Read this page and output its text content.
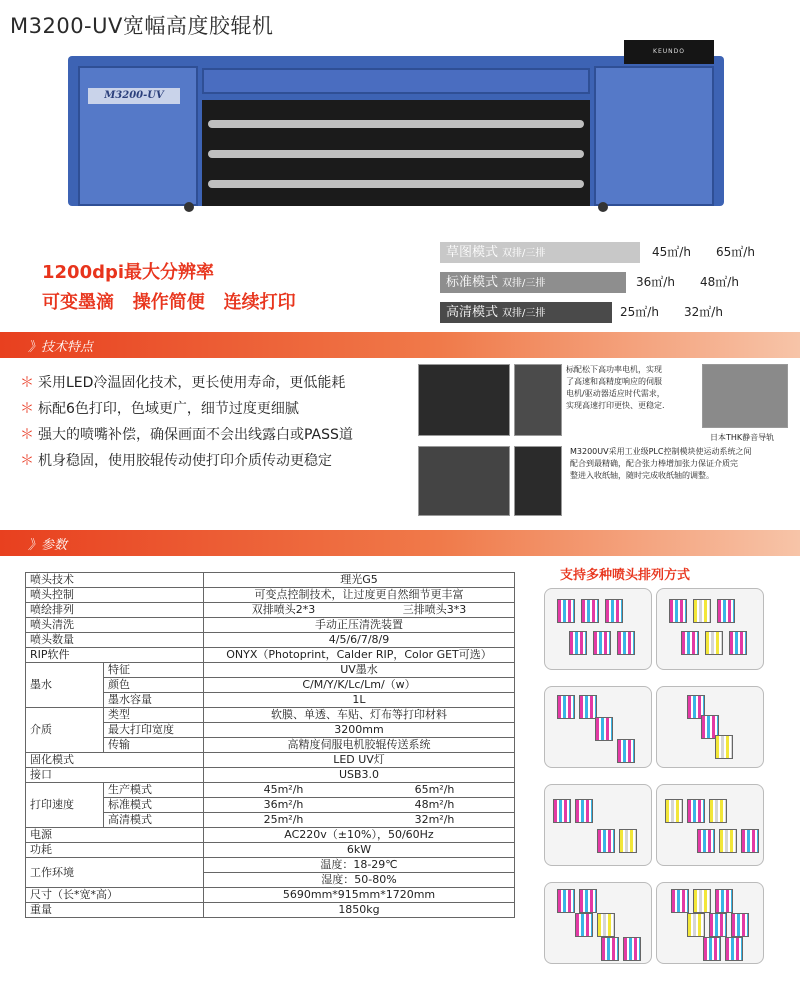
M3200-UV宽幅高度胶辊机
KEUNDO
M3200-UV
草图模式 双排/三排	45㎡/h 65㎡/h
标准模式 双排/三排	36㎡/h 48㎡/h
高清模式 双排/三排	25㎡/h 32㎡/h
1200dpi最大分辨率
可变墨滴   操作简便   连续打印
》技术特点
＊ 采用LED冷温固化技术，更长使用寿命，更低能耗
＊ 标配6色打印，色域更广，细节过度更细腻
＊ 强大的喷嘴补偿，确保画面不会出线露白或PASS道
＊ 机身稳固，使用胶辊传动使打印介质传动更稳定
标配松下高功率电机，实现
了高速和高精度响应的伺服
电机/驱动器适应时代需求，
实现高速打印更快、更稳定.
日本THK静音导轨
M3200UV采用工业级PLC控制模块使运动系统之间
配合到最精确，配合张力棒增加张力保证介质完
整进入收纸轴，随时完成收纸轴的调整。
》参数
喷头技术		理光G5
喷头控制		可变点控制技术，让过度更自然细节更丰富
喷绘排列		双排喷头2*3 三排喷头3*3

喷头清洗		手动正压清洗装置
喷头数量		4/5/6/7/8/9
RIP软件		ONYX（Photoprint，Calder RIP，Color GET可选）
墨水	特征	UV墨水
	颜色	C/M/Y/K/Lc/Lm/（w）
	墨水容量	1L
介质	类型	软膜、单透、车贴、灯布等打印材料
	最大打印宽度	3200mm
	传输	高精度伺服电机胶辊传送系统
固化模式		LED UV灯
接口		USB3.0
打印速度	生产模式	45m²/h 65m²/h

	标准模式	36m²/h 48m²/h

	高清模式	25m²/h 32m²/h

电源		AC220v（±10%），50/60Hz
功耗		6kW
工作环境		温度：18-29℃
		湿度：50-80%
尺寸（长*宽*高）		5690mm*915mm*1720mm
重量		1850kg
支持多种喷头排列方式
